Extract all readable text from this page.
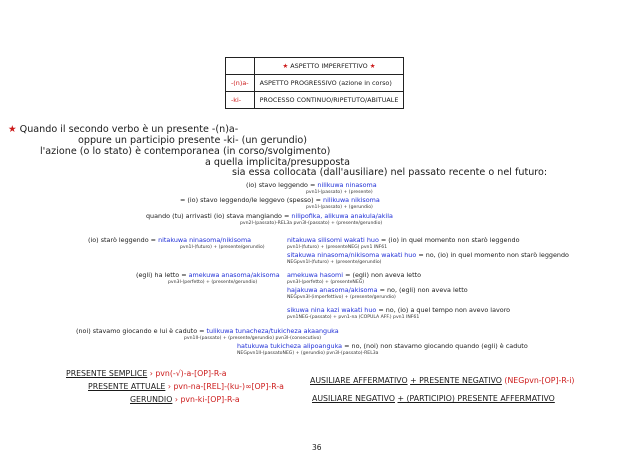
	★ ASPETTO IMPERFETTIVO ★
-(n)a-	ASPETTO PROGRESSIVO (azione in corso)
-ki-	PROCESSO CONTINUO/RIPETUTO/ABITUALE
★ Quando il secondo verbo è un presente -(n)a-
oppure un participio presente -ki- (un gerundio)
l'azione (o lo stato) è contemporanea (in corso/svolgimento)
a quella implicita/presupposta
sia essa collocata (dall'ausiliare) nel passato recente o nel futuro:
(io) stavo leggendo = nilikuwa ninasoma
pvn1I-(passato) + (presente)
= (io) stavo leggendo/le leggevo (spesso) = nilikuwa nikisoma
pvn1I-(passato) + (gerundio)
quando (tu) arrivasti (io) stava mangiando = nilipofika, alikuwa anakula/akila
pvn2I-(passato)-REL3a pvn3I-(passato) + (presente/gerundio)
(io) starò leggendo = nitakuwa ninasoma/nikisoma
pvn1I-(futuro) + (presente/gerundio)
nitakuwa silisomi wakati huo = (io) in quel momento non starò leggendo
pvn1I-(futuro) + (presenteNEG) pvn1 INF61
sitakuwa ninasoma/nikisoma wakati huo = no, (io) in quel momento non starò leggendo
NEGpvn1I-(futuro) + (presente/gerundio)
(egli) ha letto = amekuwa anasoma/akisoma
pvn3I-(perfetto) + (presente/gerundio)
amekuwa hasomi = (egli) non aveva letto
pvn3I-(perfetto) + (presenteNEG)
hajakuwa anasoma/akisoma = no, (egli) non aveva letto
NEGpvn3I-(imperfettivo) + (presente/gerundio)
sikuwa nina kazi wakati huo = no, (io) a quel tempo non avevo lavoro
pvn1NEG-(passato) + pvn1-na (COPULA AFF.) pvn1 INF61
(noi) stavamo giocando e lui è caduto = tulikuwa tunacheza/tukicheza akaanguka
pvn1II-(passato) + (presente/gerundio) pvn3I-(consecutivo)
hatukuwa tukicheza alipoanguka = no, (noi) non stavamo giocando quando (egli) è caduto
NEGpvn1II-(passatoNEG) + (gerundio) pvn3I-(passato)-REL3a
PRESENTE SEMPLICE › pvn(-√)-a-[OP]-R-a
PRESENTE ATTUALE › pvn-na-[REL]-(ku-)∞[OP]-R-a
GERUNDIO › pvn-ki-[OP]-R-a
AUSILIARE AFFERMATIVO + PRESENTE NEGATIVO (NEGpvn-[OP]-R-i)
AUSILIARE NEGATIVO + (PARTICIPIO) PRESENTE AFFERMATIVO
36
